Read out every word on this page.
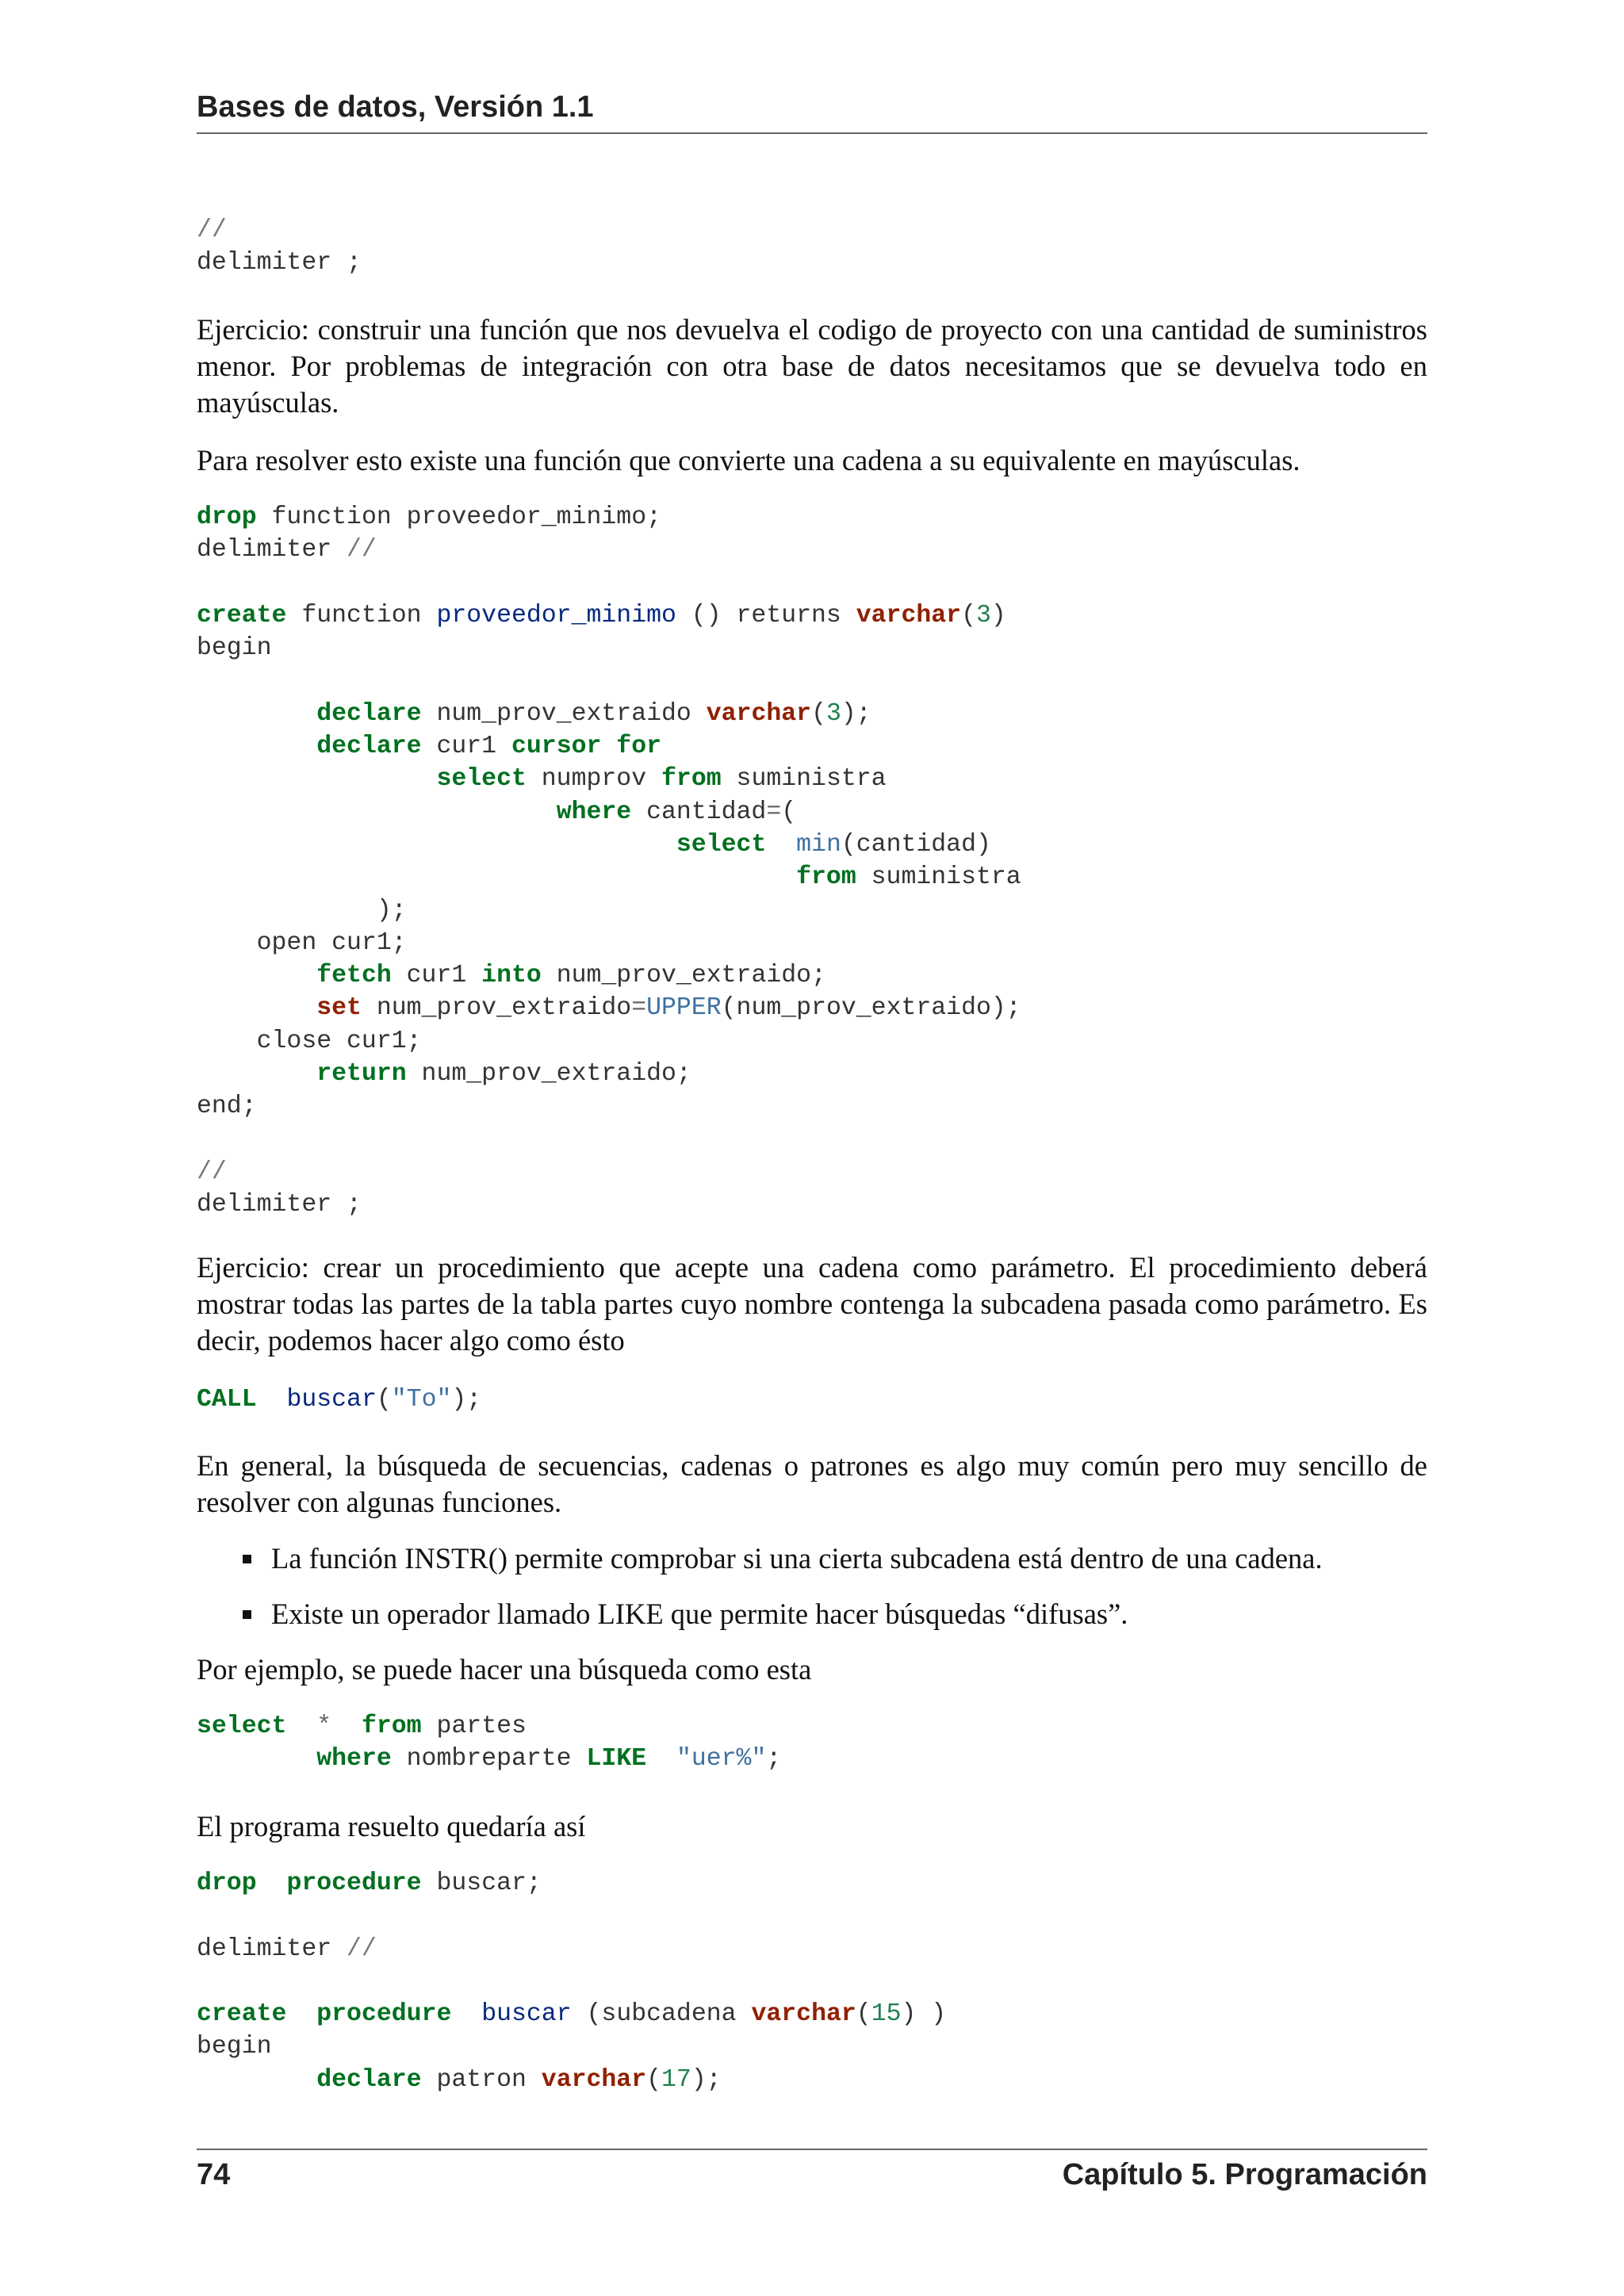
Bases de datos, Versión 1.1
//
delimiter ;

Ejercicio: construir una función que nos devuelva el codigo de proyecto con una cantidad de suministros menor. Por problemas de integración con otra base de datos necesitamos que se devuelva todo en mayúsculas.

Para resolver esto existe una función que convierte una cadena a su equivalente en mayúsculas.

drop function proveedor_minimo;
delimiter //

create function proveedor_minimo () returns varchar(3)
begin

declare num_prov_extraido varchar(3);
declare cur1 cursor for
select numprov from suministra
where cantidad=(
select min(cantidad)
from suministra
);
open cur1;
fetch cur1 into num_prov_extraido;
set num_prov_extraido=UPPER(num_prov_extraido);
close cur1;
return num_prov_extraido;
end;

//
delimiter ;

Ejercicio: crear un procedimiento que acepte una cadena como parámetro. El procedimiento deberá mostrar todas las partes de la tabla partes cuyo nombre contenga la subcadena pasada como parámetro. Es decir, podemos hacer algo como ésto

CALL buscar("To");

En general, la búsqueda de secuencias, cadenas o patrones es algo muy común pero muy sencillo de resolver con algunas funciones.

La función INSTR() permite comprobar si una cierta subcadena está dentro de una cadena.
Existe un operador llamado LIKE que permite hacer búsquedas “difusas”.

Por ejemplo, se puede hacer una búsqueda como esta

select * from partes
where nombreparte LIKE "uer%";

El programa resuelto quedaría así

drop procedure buscar;

delimiter //

create procedure buscar (subcadena varchar(15) )
begin
declare patron varchar(17);
74	Capítulo 5. Programación
